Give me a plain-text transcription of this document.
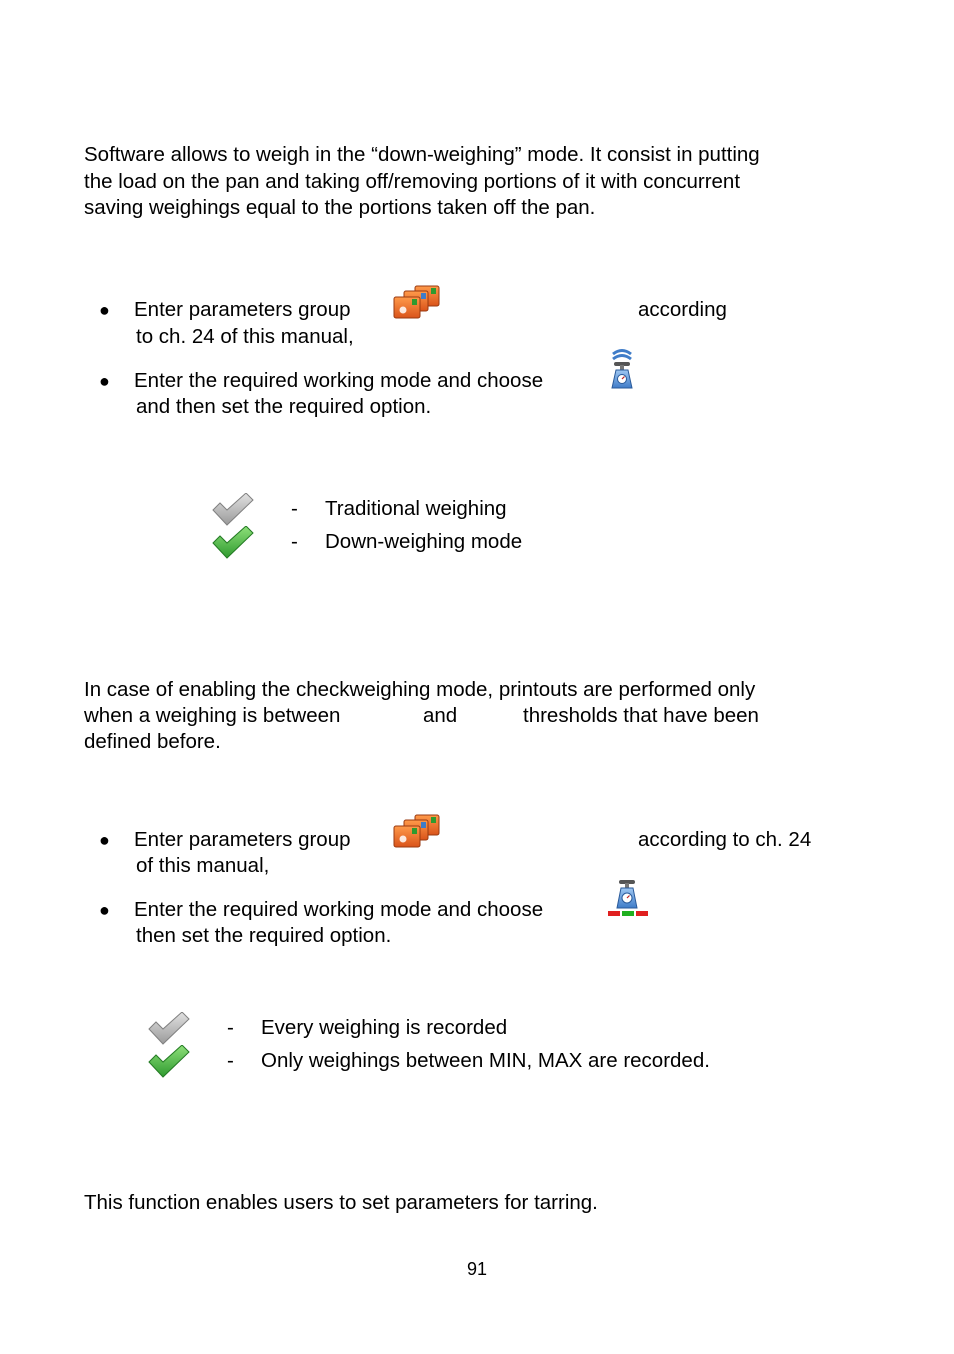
Software allows to weigh in the “down-weighing” mode. It consist in putting
the load on the pan and taking off/removing portions of it with concurrent
saving weighings equal to the portions taken off the pan.

● Enter parameters group	according
to ch. 24 of this manual,
● Enter the required working mode and choose
and then set the required option.
- Traditional weighing
- Down-weighing mode
In case of enabling the checkweighing mode, printouts are performed only
when a weighing is between	and	thresholds that have been
defined before.
● Enter parameters group	according to ch. 24
of this manual,
● Enter the required working mode and choose
then set the required option.
- Every weighing is recorded
- Only weighings between MIN, MAX are recorded.
This function enables users to set parameters for tarring.
91
